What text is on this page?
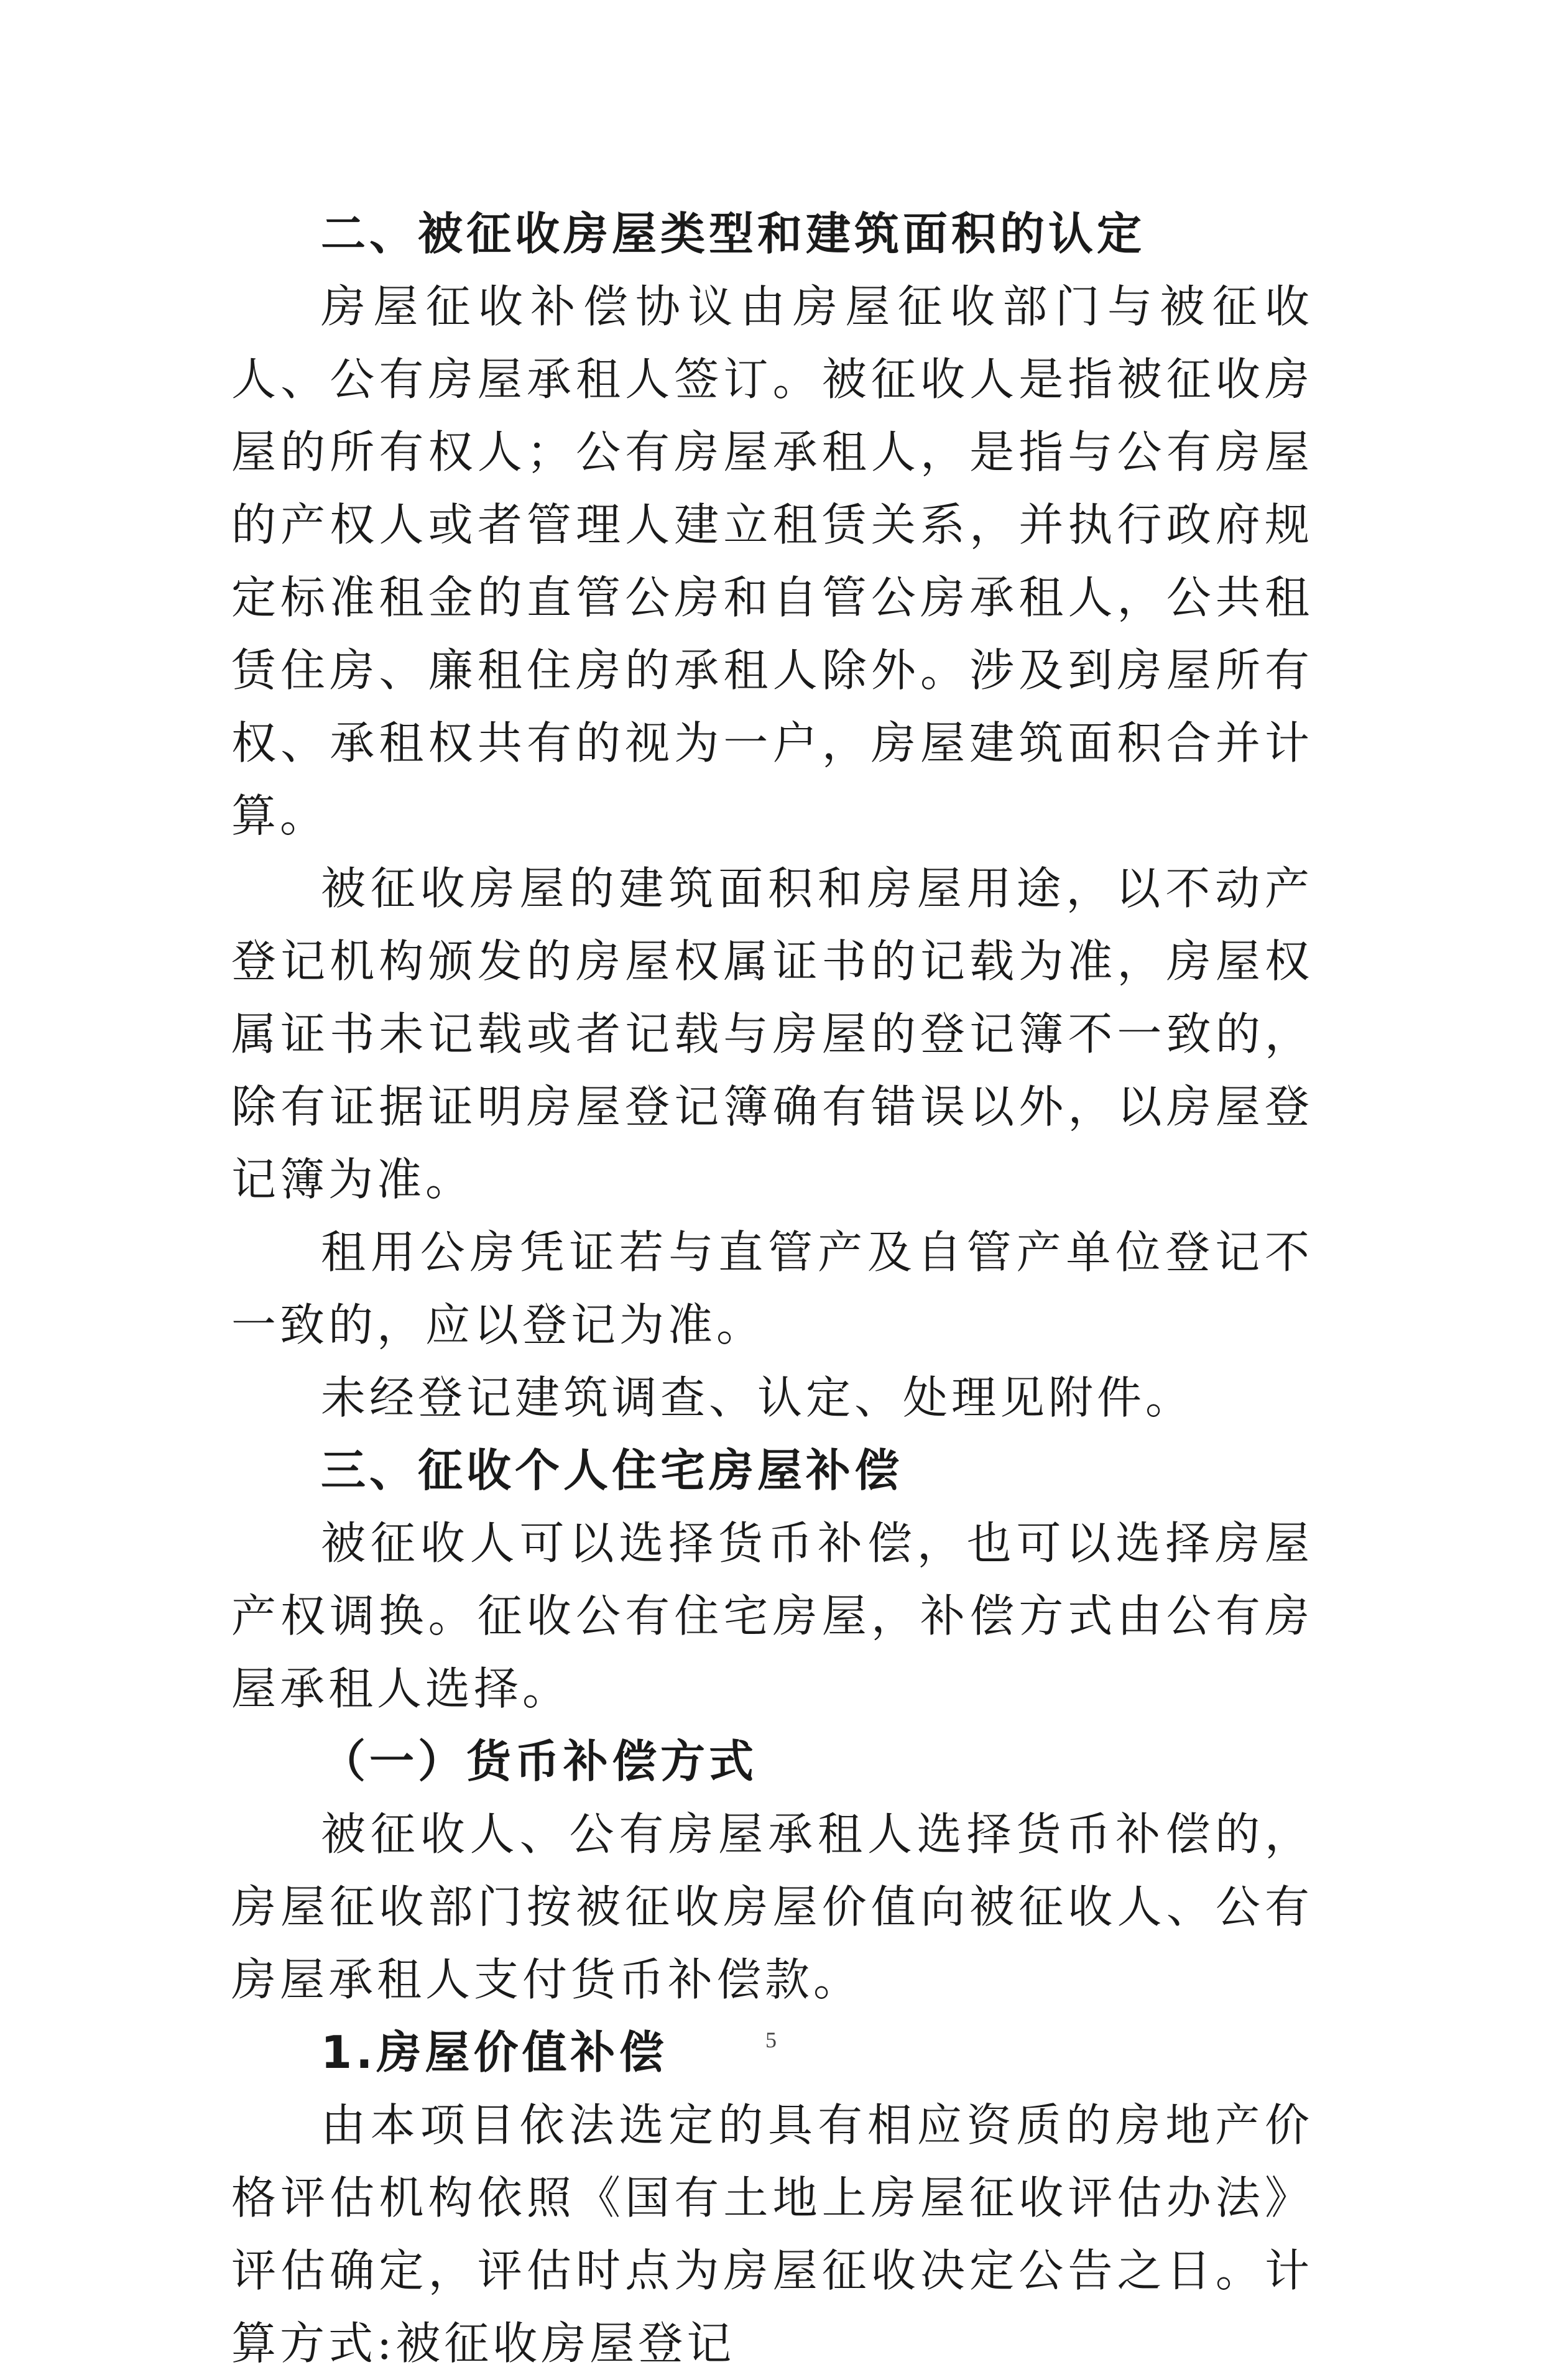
二、被征收房屋类型和建筑面积的认定

房屋征收补偿协议由房屋征收部门与被征收人、公有房屋承租人签订。被征收人是指被征收房屋的所有权人；公有房屋承租人，是指与公有房屋的产权人或者管理人建立租赁关系，并执行政府规定标准租金的直管公房和自管公房承租人，公共租赁住房、廉租住房的承租人除外。涉及到房屋所有权、承租权共有的视为一户，房屋建筑面积合并计算。

被征收房屋的建筑面积和房屋用途，以不动产登记机构颁发的房屋权属证书的记载为准，房屋权属证书未记载或者记载与房屋的登记簿不一致的，除有证据证明房屋登记簿确有错误以外，以房屋登记簿为准。

租用公房凭证若与直管产及自管产单位登记不一致的，应以登记为准。

未经登记建筑调查、认定、处理见附件。

三、征收个人住宅房屋补偿

被征收人可以选择货币补偿，也可以选择房屋产权调换。征收公有住宅房屋，补偿方式由公有房屋承租人选择。

（一）货币补偿方式

被征收人、公有房屋承租人选择货币补偿的，房屋征收部门按被征收房屋价值向被征收人、公有房屋承租人支付货币补偿款。

1.房屋价值补偿

由本项目依法选定的具有相应资质的房地产价格评估机构依照《国有土地上房屋征收评估办法》评估确定，评估时点为房屋征收决定公告之日。计算方式:被征收房屋登记

5
